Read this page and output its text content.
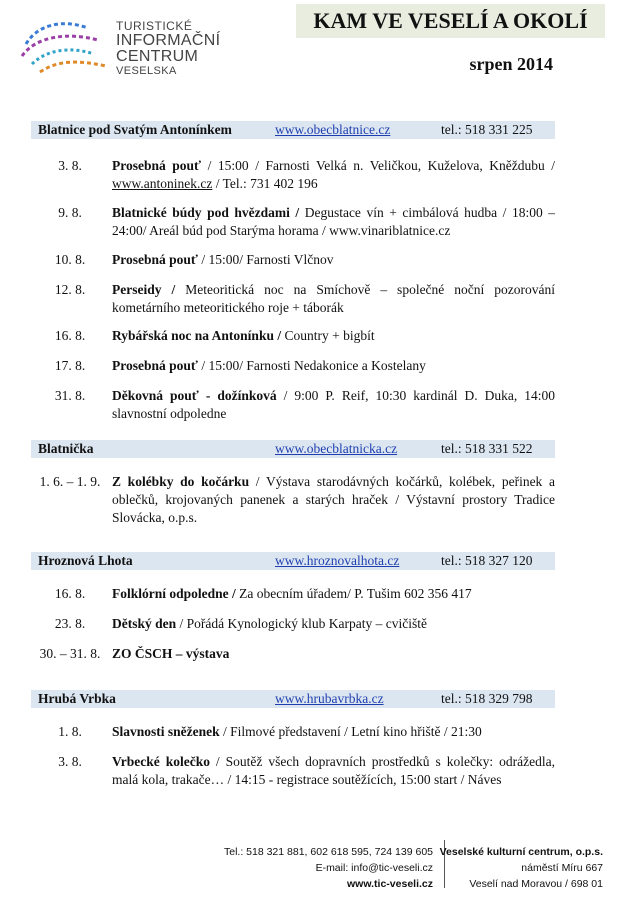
TURISTICKÉ
INFORMAČNÍ CENTRUM
VESELSKA
KAM VE VESELÍ A OKOLÍ
srpen 2014
Blatnice pod Svatým Antonínkem	www.obecblatnice.cz	tel.: 518 331 225
3. 8.	Prosebná pouť / 15:00 / Farnosti Velká n. Veličkou, Kuželova, Kněždubu / www.antoninek.cz / Tel.: 731 402 196
9. 8.	Blatnické búdy pod hvězdami / Degustace vín + cimbálová hudba / 18:00 – 24:00/ Areál búd pod Starýma horama / www.vinariblatnice.cz
10. 8.	Prosebná pouť / 15:00/ Farnosti Vlčnov
12. 8.	Perseidy / Meteoritická noc na Smíchově – společné noční pozorování kometárního meteoritického roje + táborák
16. 8.	Rybářská noc na Antonínku / Country + bigbít
17. 8.	Prosebná pouť / 15:00/ Farnosti Nedakonice a Kostelany
31. 8.	Děkovná pouť - dožínková / 9:00 P. Reif, 10:30 kardinál D. Duka, 14:00 slavnostní odpoledne
Blatnička	www.obecblatnicka.cz	tel.: 518 331 522
1. 6. – 1. 9. Z kolébky do kočárku / Výstava starodávných kočárků, kolébek, peřinek a oblečků, krojovaných panenek a starých hraček / Výstavní prostory Tradice Slovácka, o.p.s.
Hroznová Lhota	www.hroznovalhota.cz	tel.: 518 327 120
16. 8.	Folklórní odpoledne / Za obecním úřadem/ P. Tušim 602 356 417
23. 8.	Dětský den / Pořádá Kynologický klub Karpaty – cvičiště
30. – 31. 8. ZO ČSCH – výstava
Hrubá Vrbka	www.hrubavrbka.cz	tel.: 518 329 798
1. 8.	Slavnosti sněženek / Filmové představení / Letní kino hřiště / 21:30
3. 8.	Vrbecké kolečko / Soutěž všech dopravních prostředků s kolečky: odrážedla, malá kola, trakače… / 14:15 - registrace soutěžících, 15:00 start / Náves
Tel.: 518 321 881, 602 618 595, 724 139 605
E-mail: info@tic-veseli.cz
www.tic-veseli.cz
Veselské kulturní centrum, o.p.s.
náměstí Míru 667
Veselí nad Moravou / 698 01
